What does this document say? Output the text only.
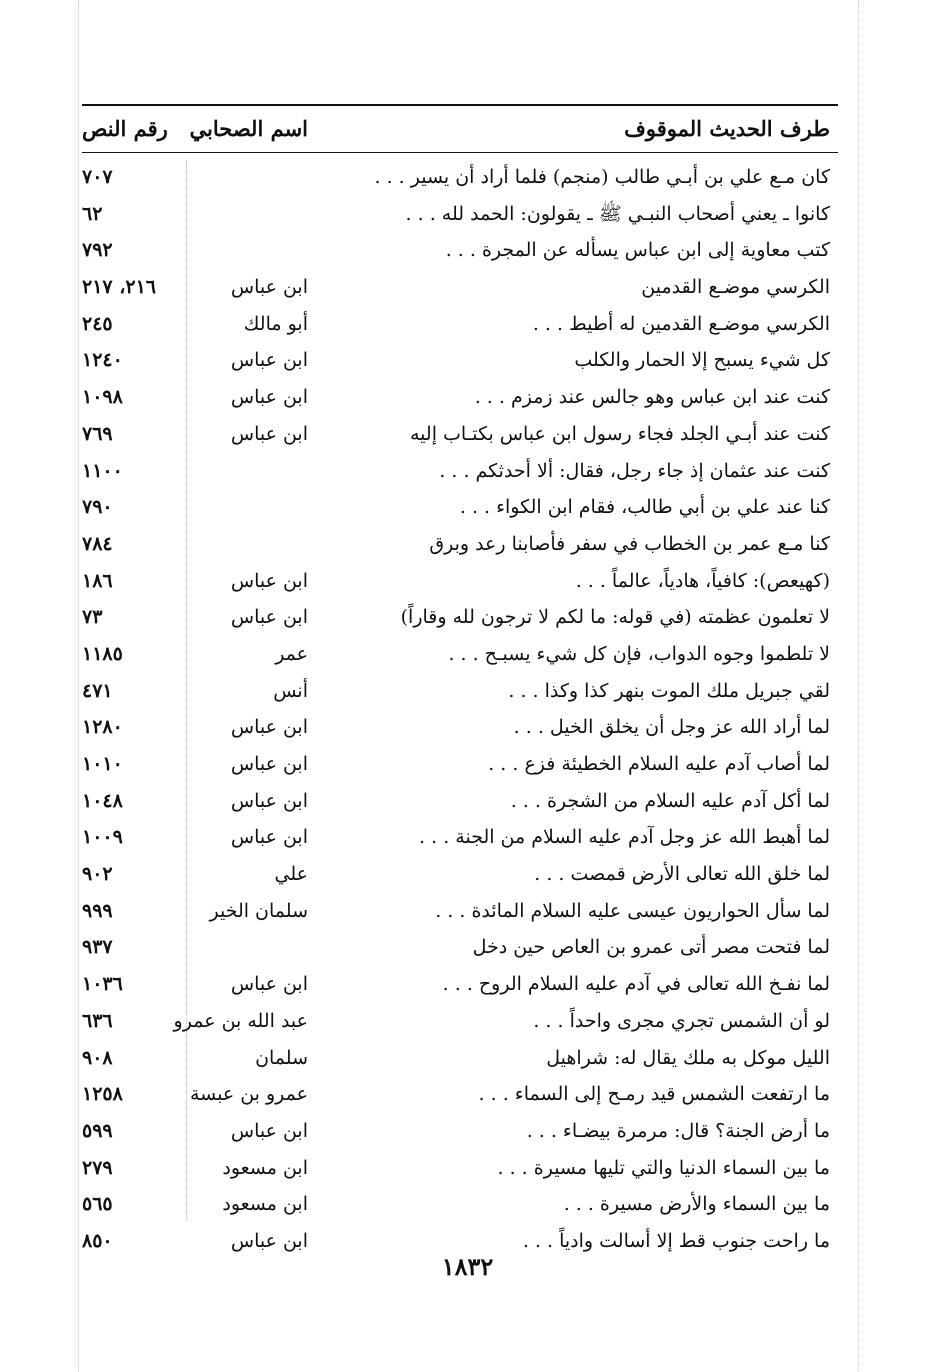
طرف الحديث الموقوف
اسم الصحابي
رقم النص
كان مـع علي بن أبـي طالب (منجم) فلما أراد أن يسير . . .
٧٠٧
كانوا ـ يعني أصحاب النبـي ﷺ ـ يقولون: الحمد لله . . .
٦٢
كتب معاوية إلى ابن عباس يسأله عن المجرة . . .
٧٩٢
الكرسي موضـع القدمين
ابن عباس
٢١٦، ٢١٧
الكرسي موضـع القدمين له أطيط . . .
أبو مالك
٢٤٥
كل شيء يسبح إلا الحمار والكلب
ابن عباس
١٢٤٠
كنت عند ابن عباس وهو جالس عند زمزم . . .
ابن عباس
١٠٩٨
كنت عند أبـي الجلد فجاء رسول ابن عباس بكتـاب إليه
ابن عباس
٧٦٩
كنت عند عثمان إذ جاء رجل، فقال: ألا أحدثكم . . .
١١٠٠
كنا عند علي بن أبي طالب، فقام ابن الكواء . . .
٧٩٠
كنا مـع عمر بن الخطاب في سفر فأصابنا رعد وبرق
٧٨٤
(كهيعص): كافياً، هادياً، عالماً . . .
ابن عباس
١٨٦
لا تعلمون عظمته (في قوله: ما لكم لا ترجون لله وقاراً)
ابن عباس
٧٣
لا تلطموا وجوه الدواب، فإن كل شيء يسبـح . . .
عمر
١١٨٥
لقي جبريل ملك الموت بنهر كذا وكذا . . .
أنس
٤٧١
لما أراد الله عز وجل أن يخلق الخيل . . .
ابن عباس
١٢٨٠
لما أصاب آدم عليه السلام الخطيئة فزع . . .
ابن عباس
١٠١٠
لما أكل آدم عليه السلام من الشجرة . . .
ابن عباس
١٠٤٨
لما أهبط الله عز وجل آدم عليه السلام من الجنة . . .
ابن عباس
١٠٠٩
لما خلق الله تعالى الأرض قمصت . . .
علي
٩٠٢
لما سأل الحواريون عيسى عليه السلام المائدة . . .
سلمان الخير
٩٩٩
لما فتحت مصر أتى عمرو بن العاص حين دخل
٩٣٧
لما نفـخ الله تعالى في آدم عليه السلام الروح . . .
ابن عباس
١٠٣٦
لو أن الشمس تجري مجرى واحداً . . .
عبد الله بن عمرو
٦٣٦
الليل موكل به ملك يقال له: شراهيل
سلمان
٩٠٨
ما ارتفعت الشمس قيد رمـح إلى السماء . . .
عمرو بن عبسة
١٢٥٨
ما أرض الجنة؟ قال: مرمرة بيضـاء . . .
ابن عباس
٥٩٩
ما بين السماء الدنيا والتي تليها مسيرة . . .
ابن مسعود
٢٧٩
ما بين السماء والأرض مسيرة . . .
ابن مسعود
٥٦٥
ما راحت جنوب قط إلا أسالت وادياً . . .
ابن عباس
٨٥٠
١٨٣٢
